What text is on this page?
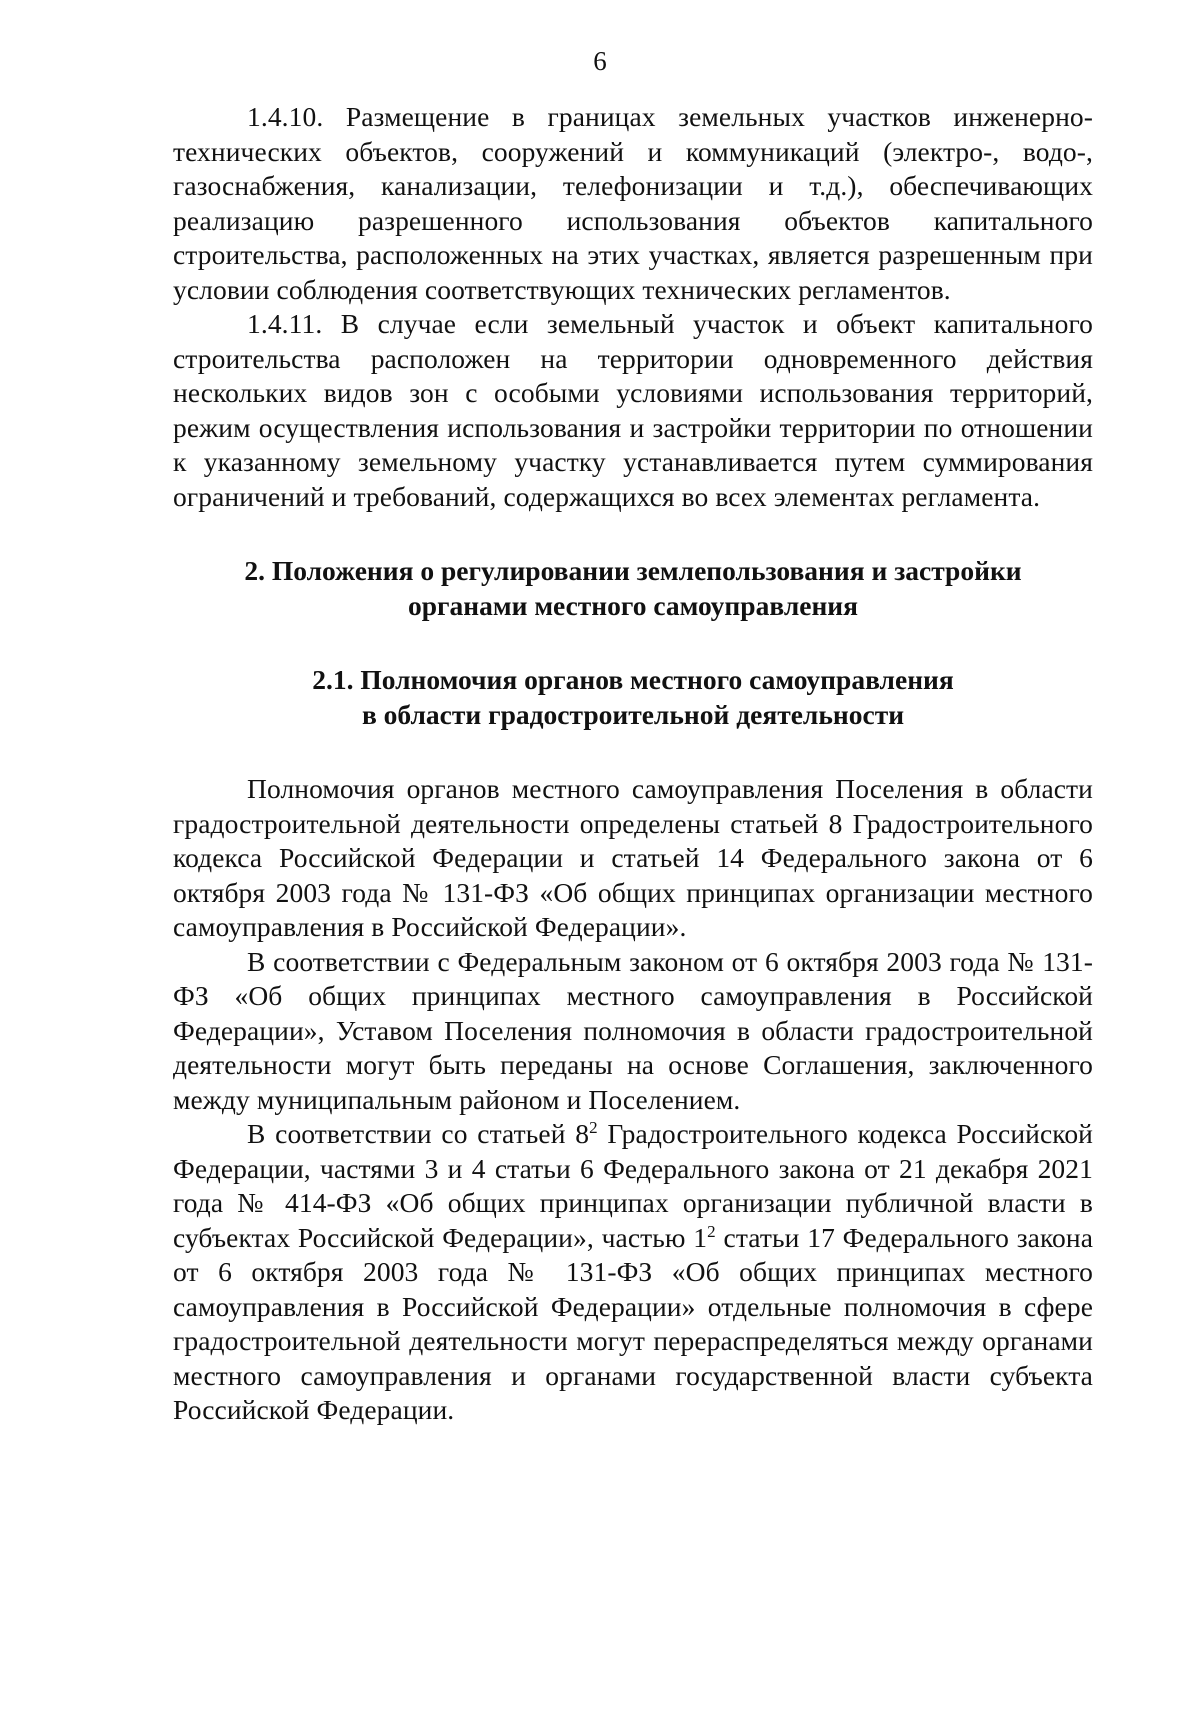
6

1.4.10. Размещение в границах земельных участков инженерно-технических объектов, сооружений и коммуникаций (электро-, водо-, газоснабжения, канализации, телефонизации и т.д.), обеспечивающих реализацию разрешенного использования объектов капитального строительства, расположенных на этих участках, является разрешенным при условии соблюдения соответствующих технических регламентов.

1.4.11. В случае если земельный участок и объект капитального строительства расположен на территории одновременного действия нескольких видов зон с особыми условиями использования территорий, режим осуществления использования и застройки территории по отношении к указанному земельному участку устанавливается путем суммирования ограничений и требований, содержащихся во всех элементах регламента.

2. Положения о регулировании землепользования и застройки
органами местного самоуправления
2.1. Полномочия органов местного самоуправления
в области градостроительной деятельности

Полномочия органов местного самоуправления Поселения в области градостроительной деятельности определены статьей 8 Градостроительного кодекса Российской Федерации и статьей 14 Федерального закона от 6 октября 2003 года № 131-ФЗ «Об общих принципах организации местного самоуправления в Российской Федерации».

В соответствии с Федеральным законом от 6 октября 2003 года № 131-ФЗ «Об общих принципах местного самоуправления в Российской Федерации», Уставом Поселения полномочия в области градостроительной деятельности могут быть переданы на основе Соглашения, заключенного между муниципальным районом и Поселением.

В соответствии со статьей $8^2$ Градостроительного кодекса Российской Федерации, частями 3 и 4 статьи 6 Федерального закона от 21 декабря 2021 года № 414-ФЗ «Об общих принципах организации публичной власти в субъектах Российской Федерации», частью $1^2$ статьи 17 Федерального закона от 6 октября 2003 года № 131-ФЗ «Об общих принципах местного самоуправления в Российской Федерации» отдельные полномочия в сфере градостроительной деятельности могут перераспределяться между органами местного самоуправления и органами государственной власти субъекта Российской Федерации.
